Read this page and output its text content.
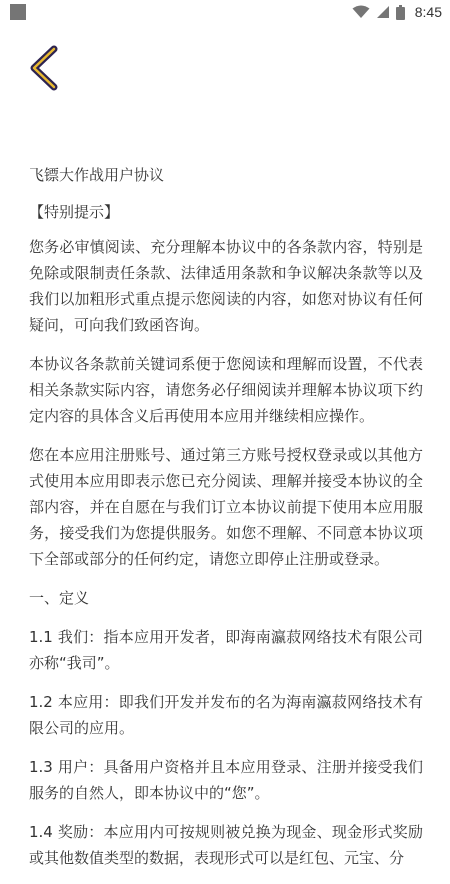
8:45

飞镖大作战用户协议

【特别提示】

您务必审慎阅读、充分理解本协议中的各条款内容，特别是免除或限制责任条款、法律适用条款和争议解决条款等以及我们以加粗形式重点提示您阅读的内容，如您对协议有任何疑问，可向我们致函咨询。

本协议各条款前关键词系便于您阅读和理解而设置，不代表相关条款实际内容，请您务必仔细阅读并理解本协议项下约定内容的具体含义后再使用本应用并继续相应操作。

您在本应用注册账号、通过第三方账号授权登录或以其他方式使用本应用即表示您已充分阅读、理解并接受本协议的全部内容，并在自愿在与我们订立本协议前提下使用本应用服务，接受我们为您提供服务。如您不理解、不同意本协议项下全部或部分的任何约定，请您立即停止注册或登录。

一、定义

1.1 我们：指本应用开发者，即海南瀛菽网络技术有限公司亦称“我司”。

1.2 本应用：即我们开发并发布的名为海南瀛菽网络技术有限公司的应用。

1.3 用户：具备用户资格并且本应用登录、注册并接受我们服务的自然人，即本协议中的“您”。

1.4 奖励：本应用内可按规则被兑换为现金、现金形式奖励或其他数值类型的数据，表现形式可以是红包、元宝、分
